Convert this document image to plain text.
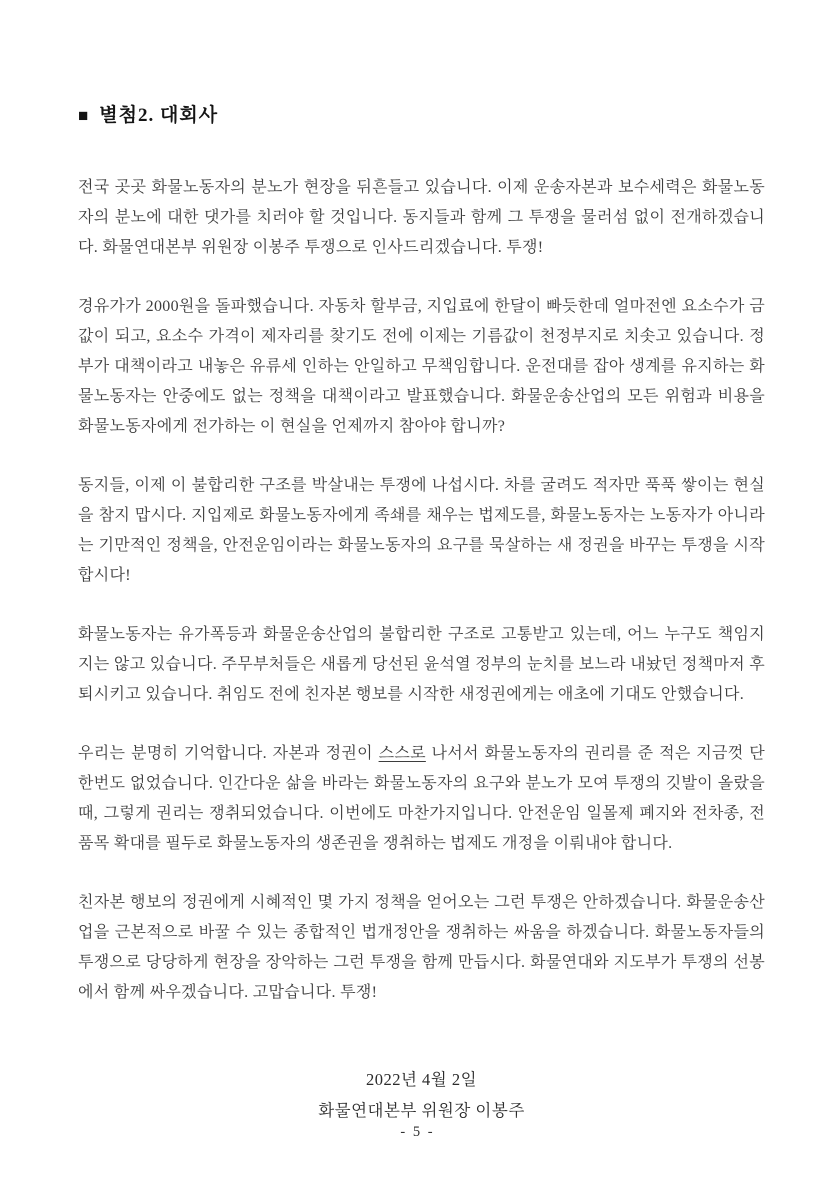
■ 별첨2. 대회사

전국 곳곳 화물노동자의 분노가 현장을 뒤흔들고 있습니다. 이제 운송자본과 보수세력은 화물노동자의 분노에 대한 댓가를 치러야 할 것입니다. 동지들과 함께 그 투쟁을 물러섬 없이 전개하겠습니다. 화물연대본부 위원장 이봉주 투쟁으로 인사드리겠습니다. 투쟁!

경유가가 2000원을 돌파했습니다. 자동차 할부금, 지입료에 한달이 빠듯한데 얼마전엔 요소수가 금값이 되고, 요소수 가격이 제자리를 찾기도 전에 이제는 기름값이 천정부지로 치솟고 있습니다. 정부가 대책이라고 내놓은 유류세 인하는 안일하고 무책임합니다. 운전대를 잡아 생계를 유지하는 화물노동자는 안중에도 없는 정책을 대책이라고 발표했습니다. 화물운송산업의 모든 위험과 비용을 화물노동자에게 전가하는 이 현실을 언제까지 참아야 합니까?

동지들, 이제 이 불합리한 구조를 박살내는 투쟁에 나섭시다. 차를 굴려도 적자만 푹푹 쌓이는 현실을 참지 맙시다. 지입제로 화물노동자에게 족쇄를 채우는 법제도를, 화물노동자는 노동자가 아니라는 기만적인 정책을, 안전운임이라는 화물노동자의 요구를 묵살하는 새 정권을 바꾸는 투쟁을 시작합시다!

화물노동자는 유가폭등과 화물운송산업의 불합리한 구조로 고통받고 있는데, 어느 누구도 책임지지는 않고 있습니다. 주무부처들은 새롭게 당선된 윤석열 정부의 눈치를 보느라 내놨던 정책마저 후퇴시키고 있습니다. 취임도 전에 친자본 행보를 시작한 새정권에게는 애초에 기대도 안했습니다.

우리는 분명히 기억합니다. 자본과 정권이 스스로 나서서 화물노동자의 권리를 준 적은 지금껏 단 한번도 없었습니다. 인간다운 삶을 바라는 화물노동자의 요구와 분노가 모여 투쟁의 깃발이 올랐을 때, 그렇게 권리는 쟁취되었습니다. 이번에도 마찬가지입니다. 안전운임 일몰제 폐지와 전차종, 전품목 확대를 필두로 화물노동자의 생존권을 쟁취하는 법제도 개정을 이뤄내야 합니다.

친자본 행보의 정권에게 시혜적인 몇 가지 정책을 얻어오는 그런 투쟁은 안하겠습니다. 화물운송산업을 근본적으로 바꿀 수 있는 종합적인 법개정안을 쟁취하는 싸움을 하겠습니다. 화물노동자들의 투쟁으로 당당하게 현장을 장악하는 그런 투쟁을 함께 만듭시다. 화물연대와 지도부가 투쟁의 선봉에서 함께 싸우겠습니다. 고맙습니다. 투쟁!

2022년 4월 2일
화물연대본부 위원장 이봉주
- 5 -
